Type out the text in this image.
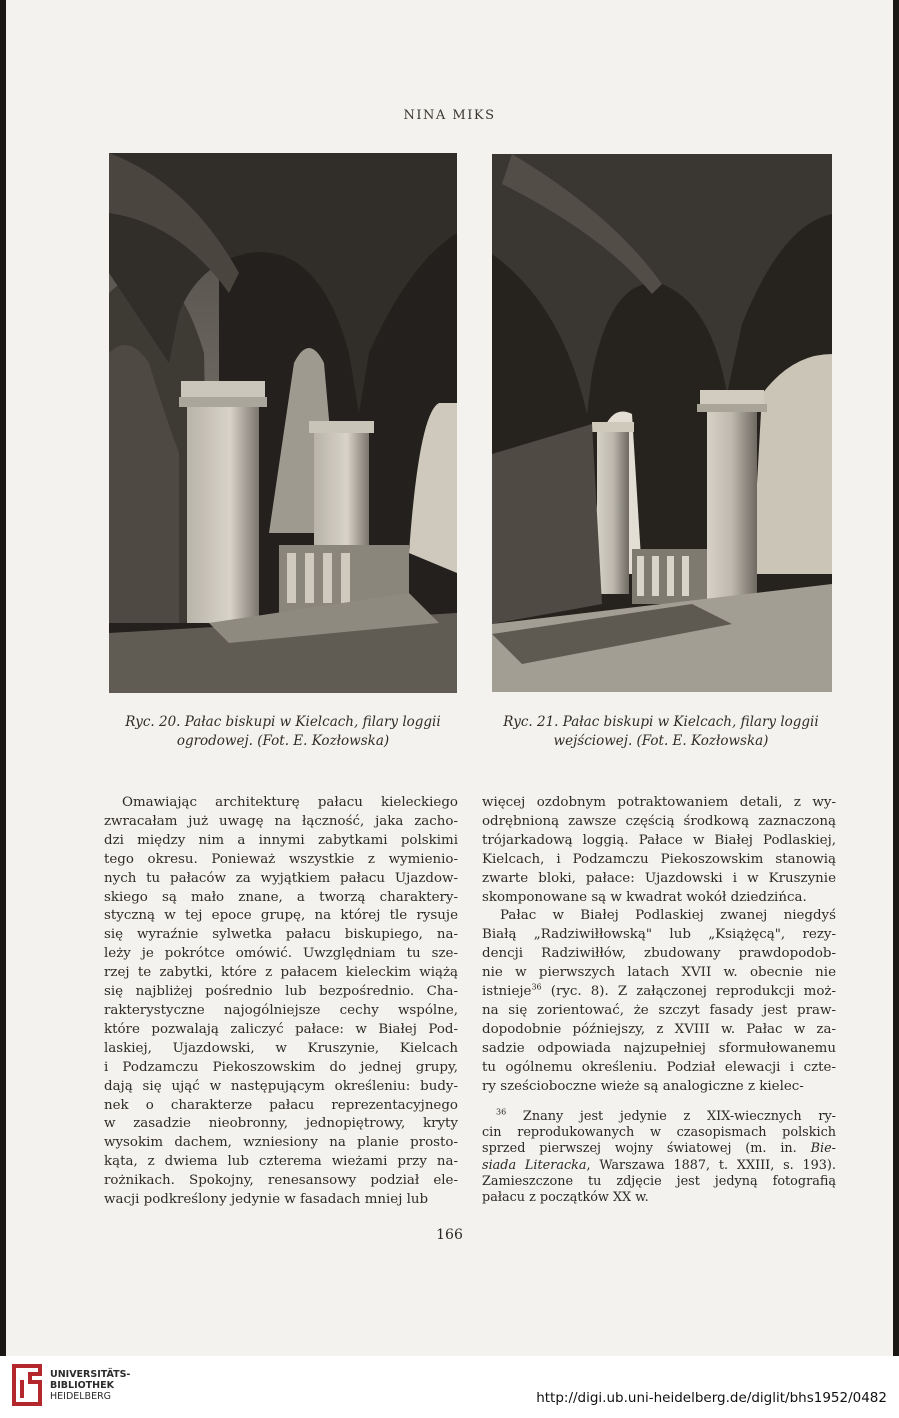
NINA MIKS
Ryc. 20. Pałac biskupi w Kielcach, filary loggii
ogrodowej. (Fot. E. Kozłowska)
Ryc. 21. Pałac biskupi w Kielcach, filary loggii
wejściowej. (Fot. E. Kozłowska)

Omawiając architekturę pałacu kieleckiego

zwracałam już uwagę na łączność, jaka zacho-

dzi między nim a innymi zabytkami polskimi

tego okresu. Ponieważ wszystkie z wymienio-

nych tu pałaców za wyjątkiem pałacu Ujazdow-

skiego są mało znane, a tworzą charaktery-

styczną w tej epoce grupę, na której tle rysuje

się wyraźnie sylwetka pałacu biskupiego, na-

leży je pokrótce omówić. Uwzględniam tu sze-

rzej te zabytki, które z pałacem kieleckim wiążą

się najbliżej pośrednio lub bezpośrednio. Cha-

rakterystyczne najogólniejsze cechy wspólne,

które pozwalają zaliczyć pałace: w Białej Pod-

laskiej, Ujazdowski, w Kruszynie, Kielcach

i Podzamczu Piekoszowskim do jednej grupy,

dają się ująć w następującym określeniu: budy-

nek o charakterze pałacu reprezentacyjnego

w zasadzie nieobronny, jednopiętrowy, kryty

wysokim dachem, wzniesiony na planie prosto-

kąta, z dwiema lub czterema wieżami przy na-

rożnikach. Spokojny, renesansowy podział ele-

wacji podkreślony jedynie w fasadach mniej lub

więcej ozdobnym potraktowaniem detali, z wy-

odrębnioną zawsze częścią środkową zaznaczoną

trójarkadową loggią. Pałace w Białej Podlaskiej,

Kielcach, i Podzamczu Piekoszowskim stanowią

zwarte bloki, pałace: Ujazdowski i w Kruszynie

skomponowane są w kwadrat wokół dziedzińca.

Pałac w Białej Podlaskiej zwanej niegdyś

Białą „Radziwiłłowską" lub „Książęcą", rezy-

dencji Radziwiłłów, zbudowany prawdopodob-

nie w pierwszych latach XVII w. obecnie nie

istnieje$^{36}$ (ryc. 8). Z załączonej reprodukcji moż-

na się zorientować, że szczyt fasady jest praw-

dopodobnie późniejszy, z XVIII w. Pałac w za-

sadzie odpowiada najzupełniej sformułowanemu

tu ogólnemu określeniu. Podział elewacji i czte-

ry sześcioboczne wieże są analogiczne z kielec-

$^{36}$ Znany jest jedynie z XIX-wiecznych ry-

cin reprodukowanych w czasopismach polskich

sprzed pierwszej wojny światowej (m. in. Bie-

siada Literacka, Warszawa 1887, t. XXIII, s. 193).

Zamieszczone tu zdjęcie jest jedyną fotografią

pałacu z początków XX w.

166
UNIVERSITÄTS-
BIBLIOTHEK
HEIDELBERG	http://digi.ub.uni-heidelberg.de/diglit/bhs1952/0482
